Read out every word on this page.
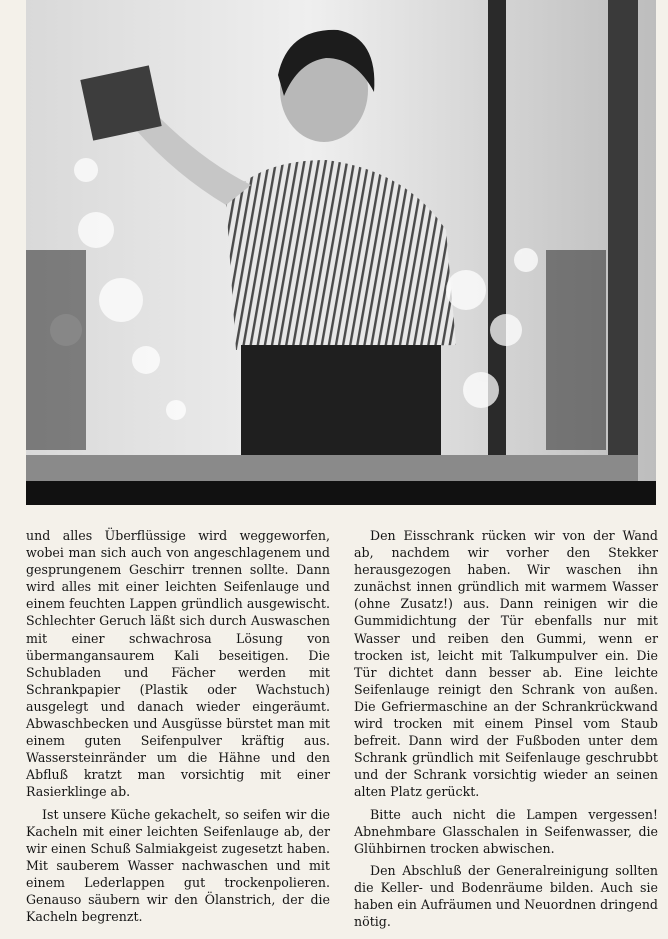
und alles Überflüssige wird weggeworfen, wobei man sich auch von angeschlagenem und gesprungenem Geschirr trennen sollte. Dann wird alles mit einer leichten Seifenlauge und einem feuchten Lappen gründlich ausgewischt. Schlechter Geruch läßt sich durch Auswaschen mit einer schwachrosa Lösung von übermangansaurem Kali beseitigen. Die Schubladen und Fächer werden mit Schrankpapier (Plastik oder Wachstuch) ausgelegt und danach wieder eingeräumt. Abwaschbecken und Ausgüsse bürstet man mit einem guten Seifenpulver kräftig aus. Wassersteinränder um die Hähne und den Abfluß kratzt man vorsichtig mit einer Rasierklinge ab.

Ist unsere Küche gekachelt, so seifen wir die Kacheln mit einer leichten Seifenlauge ab, der wir einen Schuß Salmiakgeist zugesetzt haben. Mit sauberem Wasser nachwaschen und mit einem Lederlappen gut trockenpolieren. Genauso säubern wir den Ölanstrich, der die Kacheln begrenzt.

Den Eisschrank rücken wir von der Wand ab, nachdem wir vorher den Stekker herausgezogen haben. Wir waschen ihn zunächst innen gründlich mit warmem Wasser (ohne Zusatz!) aus. Dann reinigen wir die Gummidichtung der Tür ebenfalls nur mit Wasser und reiben den Gummi, wenn er trocken ist, leicht mit Talkumpulver ein. Die Tür dichtet dann besser ab. Eine leichte Seifenlauge reinigt den Schrank von außen. Die Gefriermaschine an der Schrankrückwand wird trocken mit einem Pinsel vom Staub befreit. Dann wird der Fußboden unter dem Schrank gründlich mit Seifenlauge geschrubbt und der Schrank vorsichtig wieder an seinen alten Platz gerückt.

Bitte auch nicht die Lampen vergessen! Abnehmbare Glasschalen in Seifenwasser, die Glühbirnen trocken abwischen.

Den Abschluß der Generalreinigung sollten die Keller- und Bodenräume bilden. Auch sie haben ein Aufräumen und Neuordnen dringend nötig.
